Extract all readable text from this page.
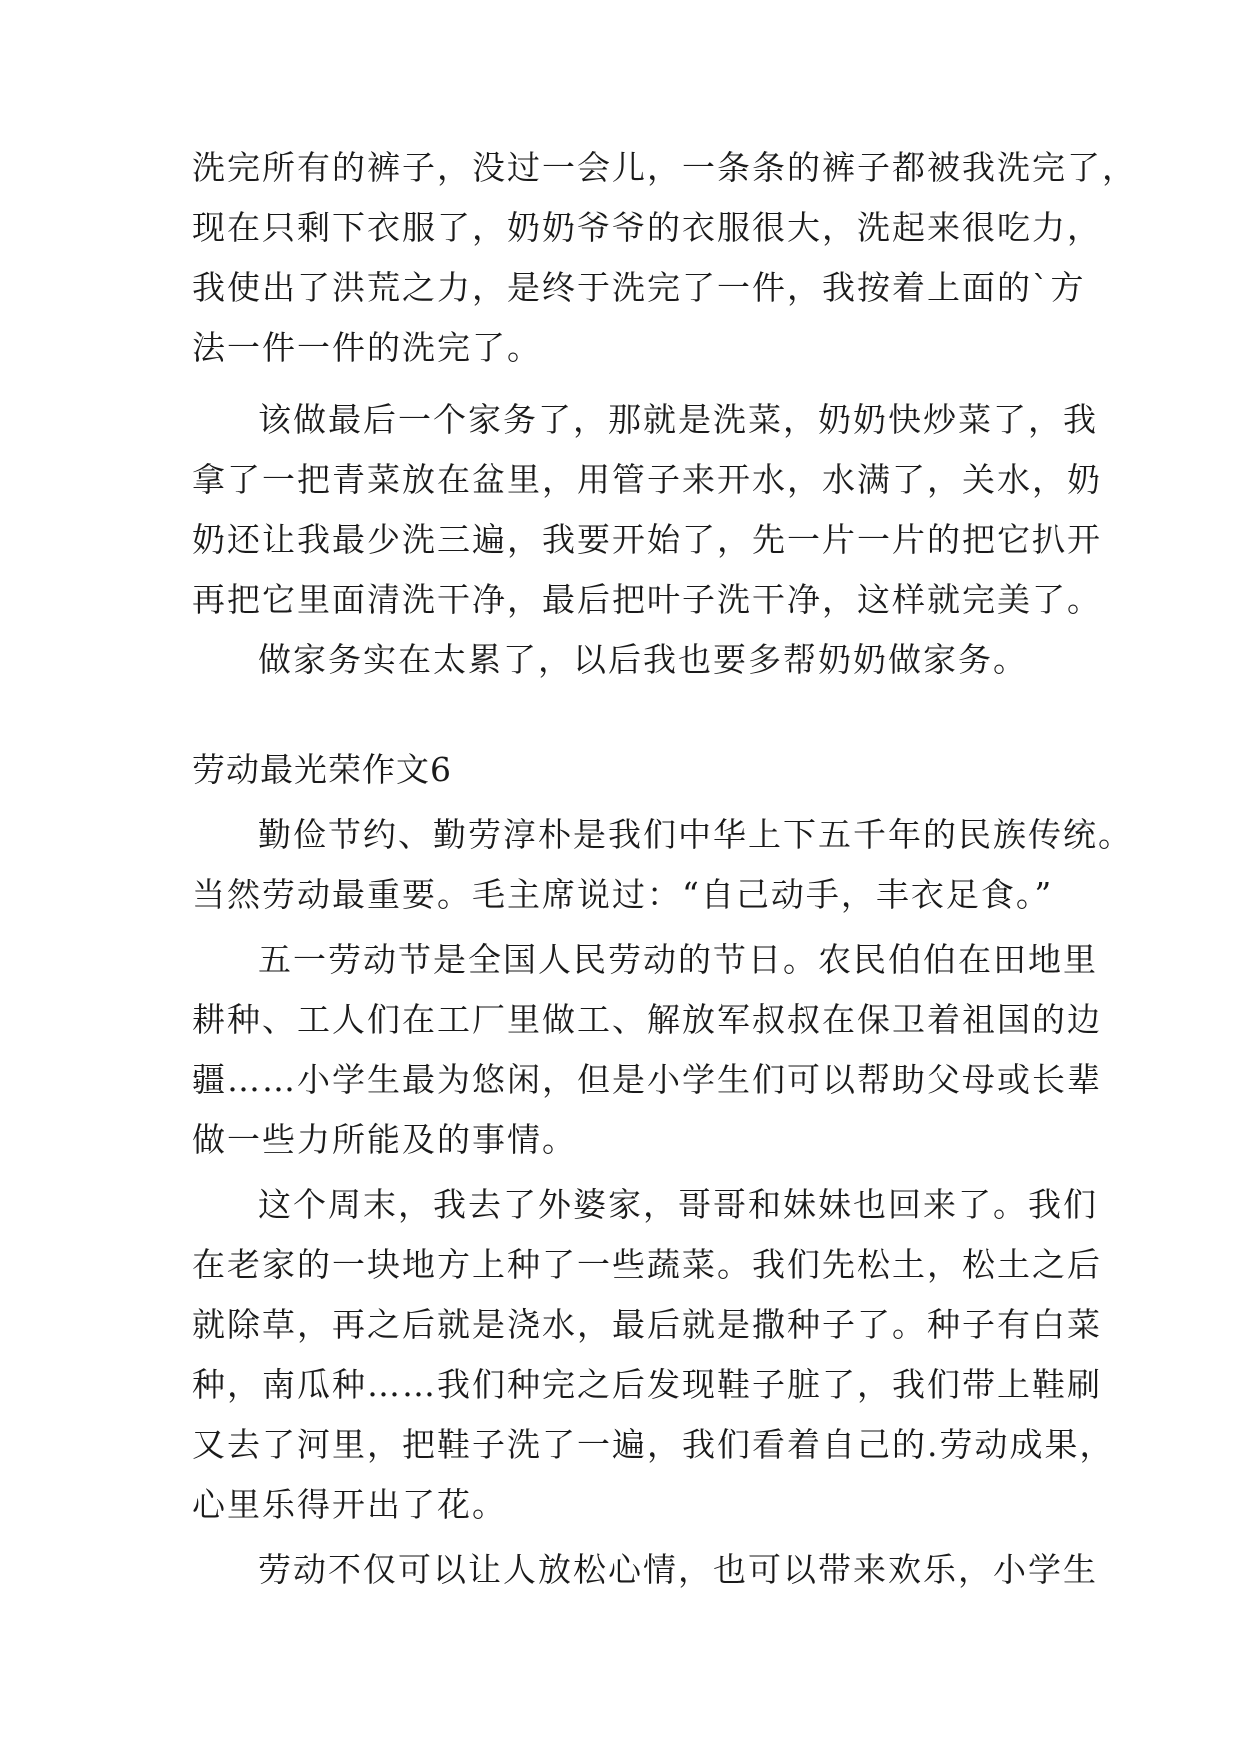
洗完所有的裤子，没过一会儿，一条条的裤子都被我洗完了，
现在只剩下衣服了，奶奶爷爷的衣服很大，洗起来很吃力，
我使出了洪荒之力，是终于洗完了一件，我按着上面的`方
法一件一件的洗完了。
该做最后一个家务了，那就是洗菜，奶奶快炒菜了，我
拿了一把青菜放在盆里，用管子来开水，水满了，关水，奶
奶还让我最少洗三遍，我要开始了，先一片一片的把它扒开
再把它里面清洗干净，最后把叶子洗干净，这样就完美了。
做家务实在太累了，以后我也要多帮奶奶做家务。
劳动最光荣作文6
勤俭节约、勤劳淳朴是我们中华上下五千年的民族传统。
当然劳动最重要。毛主席说过：“自己动手，丰衣足食。”
五一劳动节是全国人民劳动的节日。农民伯伯在田地里
耕种、工人们在工厂里做工、解放军叔叔在保卫着祖国的边
疆……小学生最为悠闲，但是小学生们可以帮助父母或长辈
做一些力所能及的事情。
这个周末，我去了外婆家，哥哥和妹妹也回来了。我们
在老家的一块地方上种了一些蔬菜。我们先松土，松土之后
就除草，再之后就是浇水，最后就是撒种子了。种子有白菜
种，南瓜种……我们种完之后发现鞋子脏了，我们带上鞋刷
又去了河里，把鞋子洗了一遍，我们看着自己的.劳动成果，
心里乐得开出了花。
劳动不仅可以让人放松心情，也可以带来欢乐，小学生
